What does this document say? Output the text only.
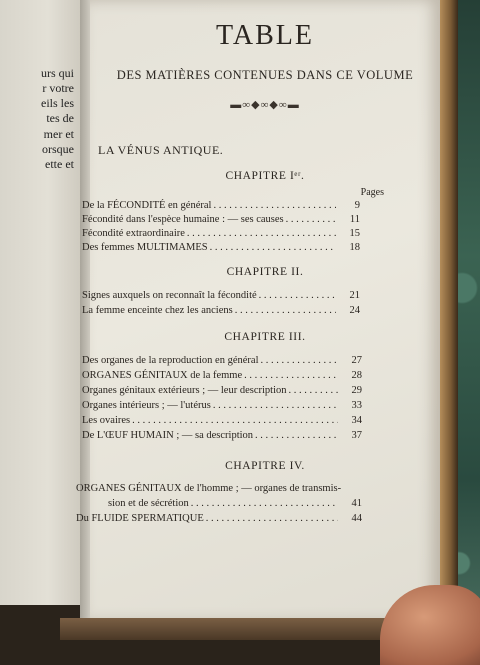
urs qui
r votre
eils les
tes de
mer et
orsque
ette et
TABLE
DES MATIÈRES CONTENUES DANS CE VOLUME
▬∞◆∞◆∞▬
LA VÉNUS ANTIQUE.
CHAPITRE Iᵉʳ.
Pages
De la FÉCONDITÉ en général . . .	9
Fécondité dans l'espèce humaine : — ses causes . . .	11
Fécondité extraordinaire . . .	15
Des femmes MULTIMAMES . . .	18
CHAPITRE II.
Signes auxquels on reconnaît la fécondité . . .	21
La femme enceinte chez les anciens . . .	24
CHAPITRE III.
Des organes de la reproduction en général . . .	27
ORGANES GÉNITAUX de la femme . . .	28
Organes génitaux extérieurs ; — leur description . . .	29
Organes intérieurs ; — l'utérus . . .	33
Les ovaires . . .	34
De L'ŒUF HUMAIN ; — sa description . . .	37
CHAPITRE IV.
ORGANES GÉNITAUX de l'homme ; — organes de transmis-
sion et de sécrétion . . .	41
Du FLUIDE SPERMATIQUE . . .	44
